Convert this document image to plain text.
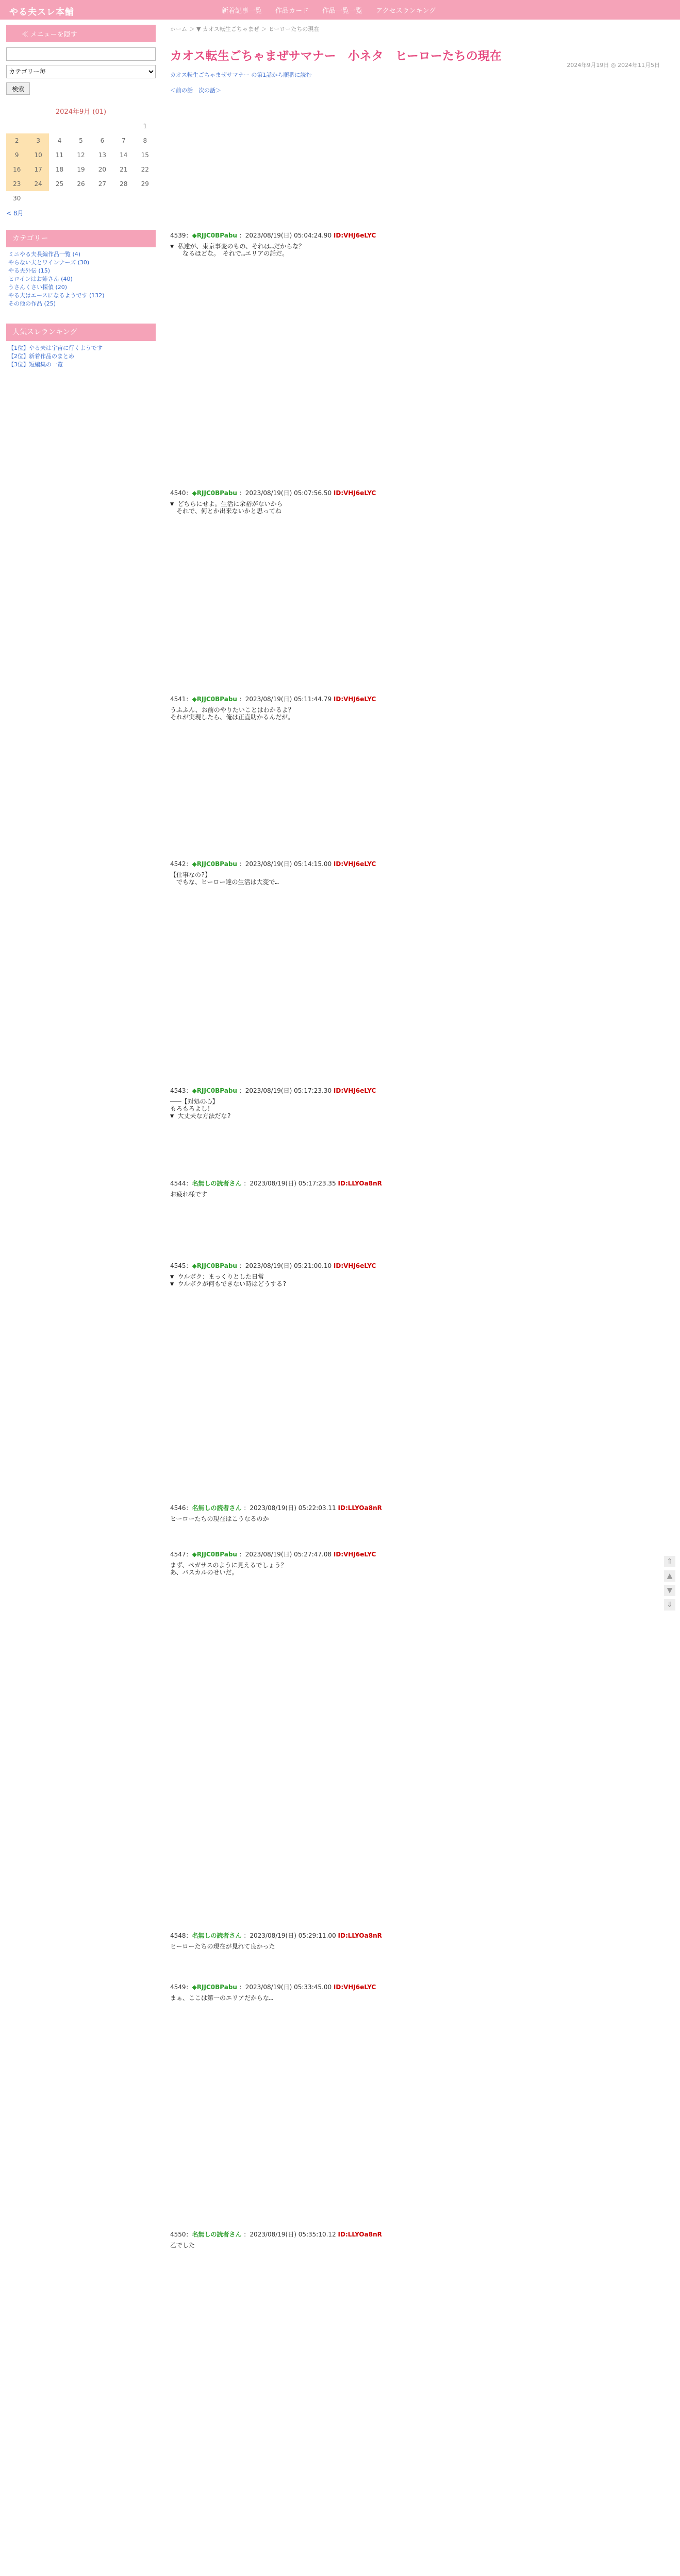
やる夫スレ本舗	新着記事一覧 作品カード 作品一覧一覧 アクセスランキング
≪ メニューを隠す
カテゴリー毎
検索
2024年9月 (01)
						1
2	3	4	5	6	7	8
9	10	11	12	13	14	15
16	17	18	19	20	21	22
23	24	25	26	27	28	29
30						
< 8月
カテゴリー
ミニやる夫長編作品一覧 (4)
やらない夫とワインナーズ (30)
やる夫外伝 (15)
ヒロインはお姉さん (40)
うさんくさい探偵 (20)
やる夫はエースになるようです (132)
その他の作品 (25)
人気スレランキング
【1位】やる夫は宇宙に行くようです
【2位】新着作品のまとめ
【3位】短編集の一覧
ホーム ＞ ▼ カオス転生ごちゃまぜ ＞ ヒーローたちの現在
カオス転生ごちゃまぜサマナー　小ネタ　ヒーローたちの現在
2024年9月19日 ◎ 2024年11月5日
カオス転生ごちゃまぜサマナー の第1話から順番に読む
＜前の話　次の話＞
4539：◆RJJC0BPabu ：2023/08/19(日) 05:04:24.90 ID:VHJ6eLYC
▼ 私達が、東京事変のもの、それは…だからな？
　　なるほどな。　それで…エリアの話だ。
4540：◆RJJC0BPabu ：2023/08/19(日) 05:07:56.50 ID:VHJ6eLYC
▼ どちらにせよ。生活に余裕がないから
　それで、何とか出来ないかと思ってね
4541：◆RJJC0BPabu ：2023/08/19(日) 05:11:44.79 ID:VHJ6eLYC
うふふん、お前のやりたいことはわかるよ？
それが実現したら、俺は正直助かるんだが。
4542：◆RJJC0BPabu ：2023/08/19(日) 05:14:15.00 ID:VHJ6eLYC
【仕事なの?】
　でもな、ヒーロー達の生活は大変で…
4543：◆RJJC0BPabu ：2023/08/19(日) 05:17:23.30 ID:VHJ6eLYC
―――【対処の心】
もろもろよし！
▼ 大丈夫な方法だな?
4544：名無しの読者さん ：2023/08/19(日) 05:17:23.35 ID:LLYOa8nR
お疲れ様です
4545：◆RJJC0BPabu ：2023/08/19(日) 05:21:00.10 ID:VHJ6eLYC
▼ ウルボク：まっくりとした日常
▼ ウルボクが何もできない時はどうする?
4546：名無しの読者さん ：2023/08/19(日) 05:22:03.11 ID:LLYOa8nR
ヒーローたちの現在はこうなるのか
4547：◆RJJC0BPabu ：2023/08/19(日) 05:27:47.08 ID:VHJ6eLYC
まず、ペガサスのように見えるでしょう？
あ、バスカルのせいだ。
4548：名無しの読者さん ：2023/08/19(日) 05:29:11.00 ID:LLYOa8nR
ヒーローたちの現在が見れて良かった
4549：◆RJJC0BPabu ：2023/08/19(日) 05:33:45.00 ID:VHJ6eLYC
まぁ、ここは第一のエリアだからな…
4550：名無しの読者さん ：2023/08/19(日) 05:35:10.12 ID:LLYOa8nR
乙でした
⇑
▲
▼
⇓
